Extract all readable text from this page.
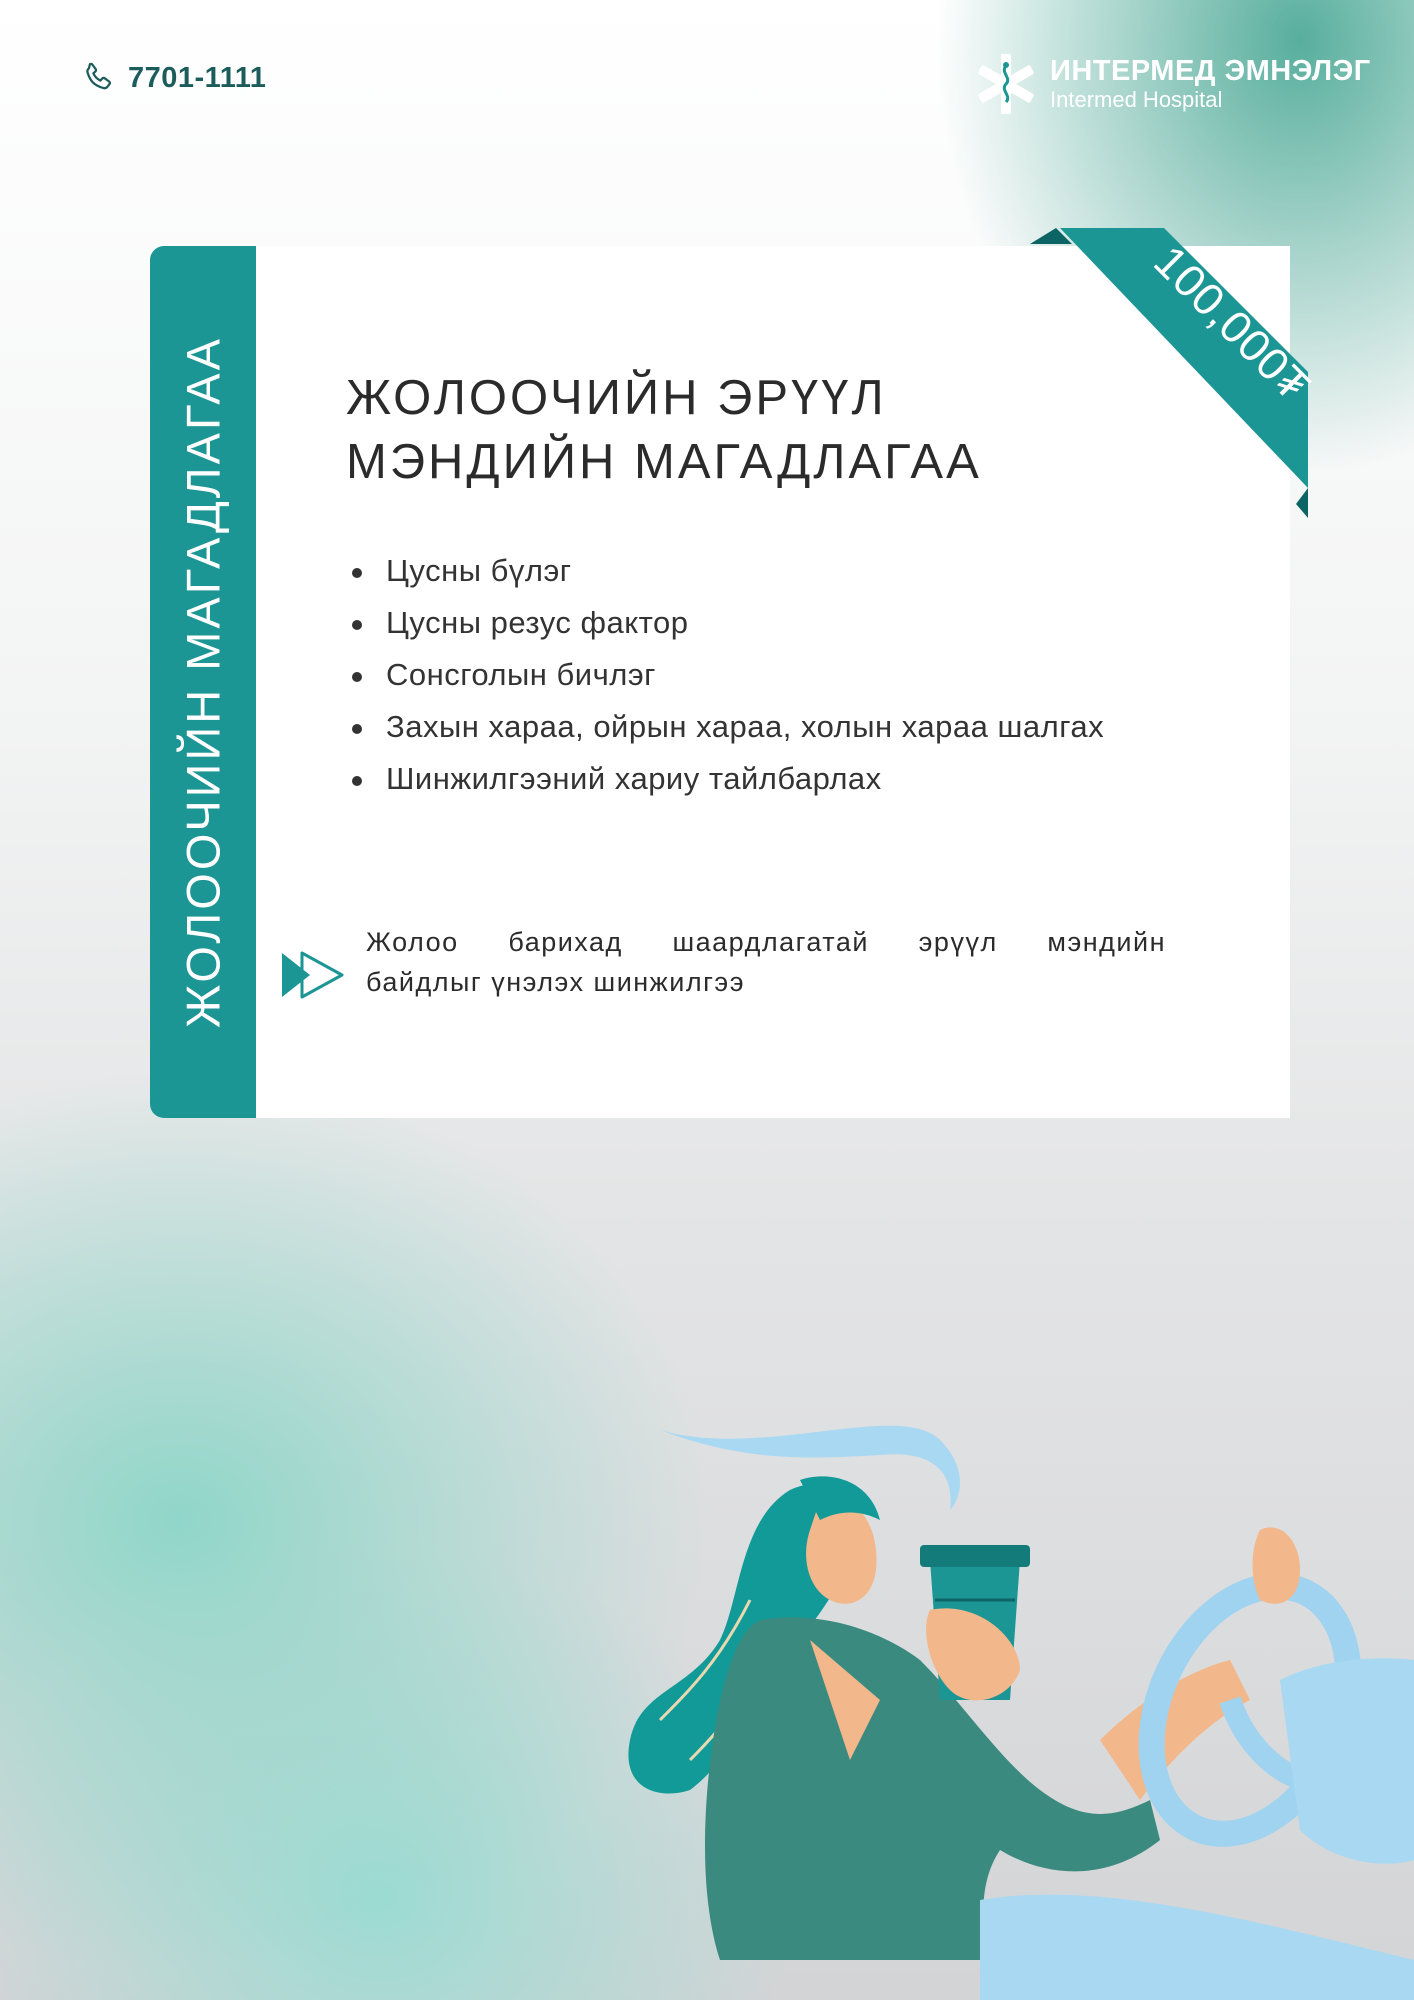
7701-1111	ИНТЕРМЕД ЭМНЭЛЭГ
Intermed Hospital
ЖОЛООЧИЙН МАГАДЛАГАА ЖОЛООЧИЙН ЭРҮҮЛ
МЭНДИЙН МАГАДЛАГАА
Цусны бүлэг
Цусны резус фактор
Сонсголын бичлэг
Захын хараа, ойрын хараа, холын хараа шалгах
Шинжилгээний хариу тайлбарлах
Жолоо барихад шаардлагатай эрүүл мэндийн
байдлыг үнэлэх шинжилгээ
100,000₮
